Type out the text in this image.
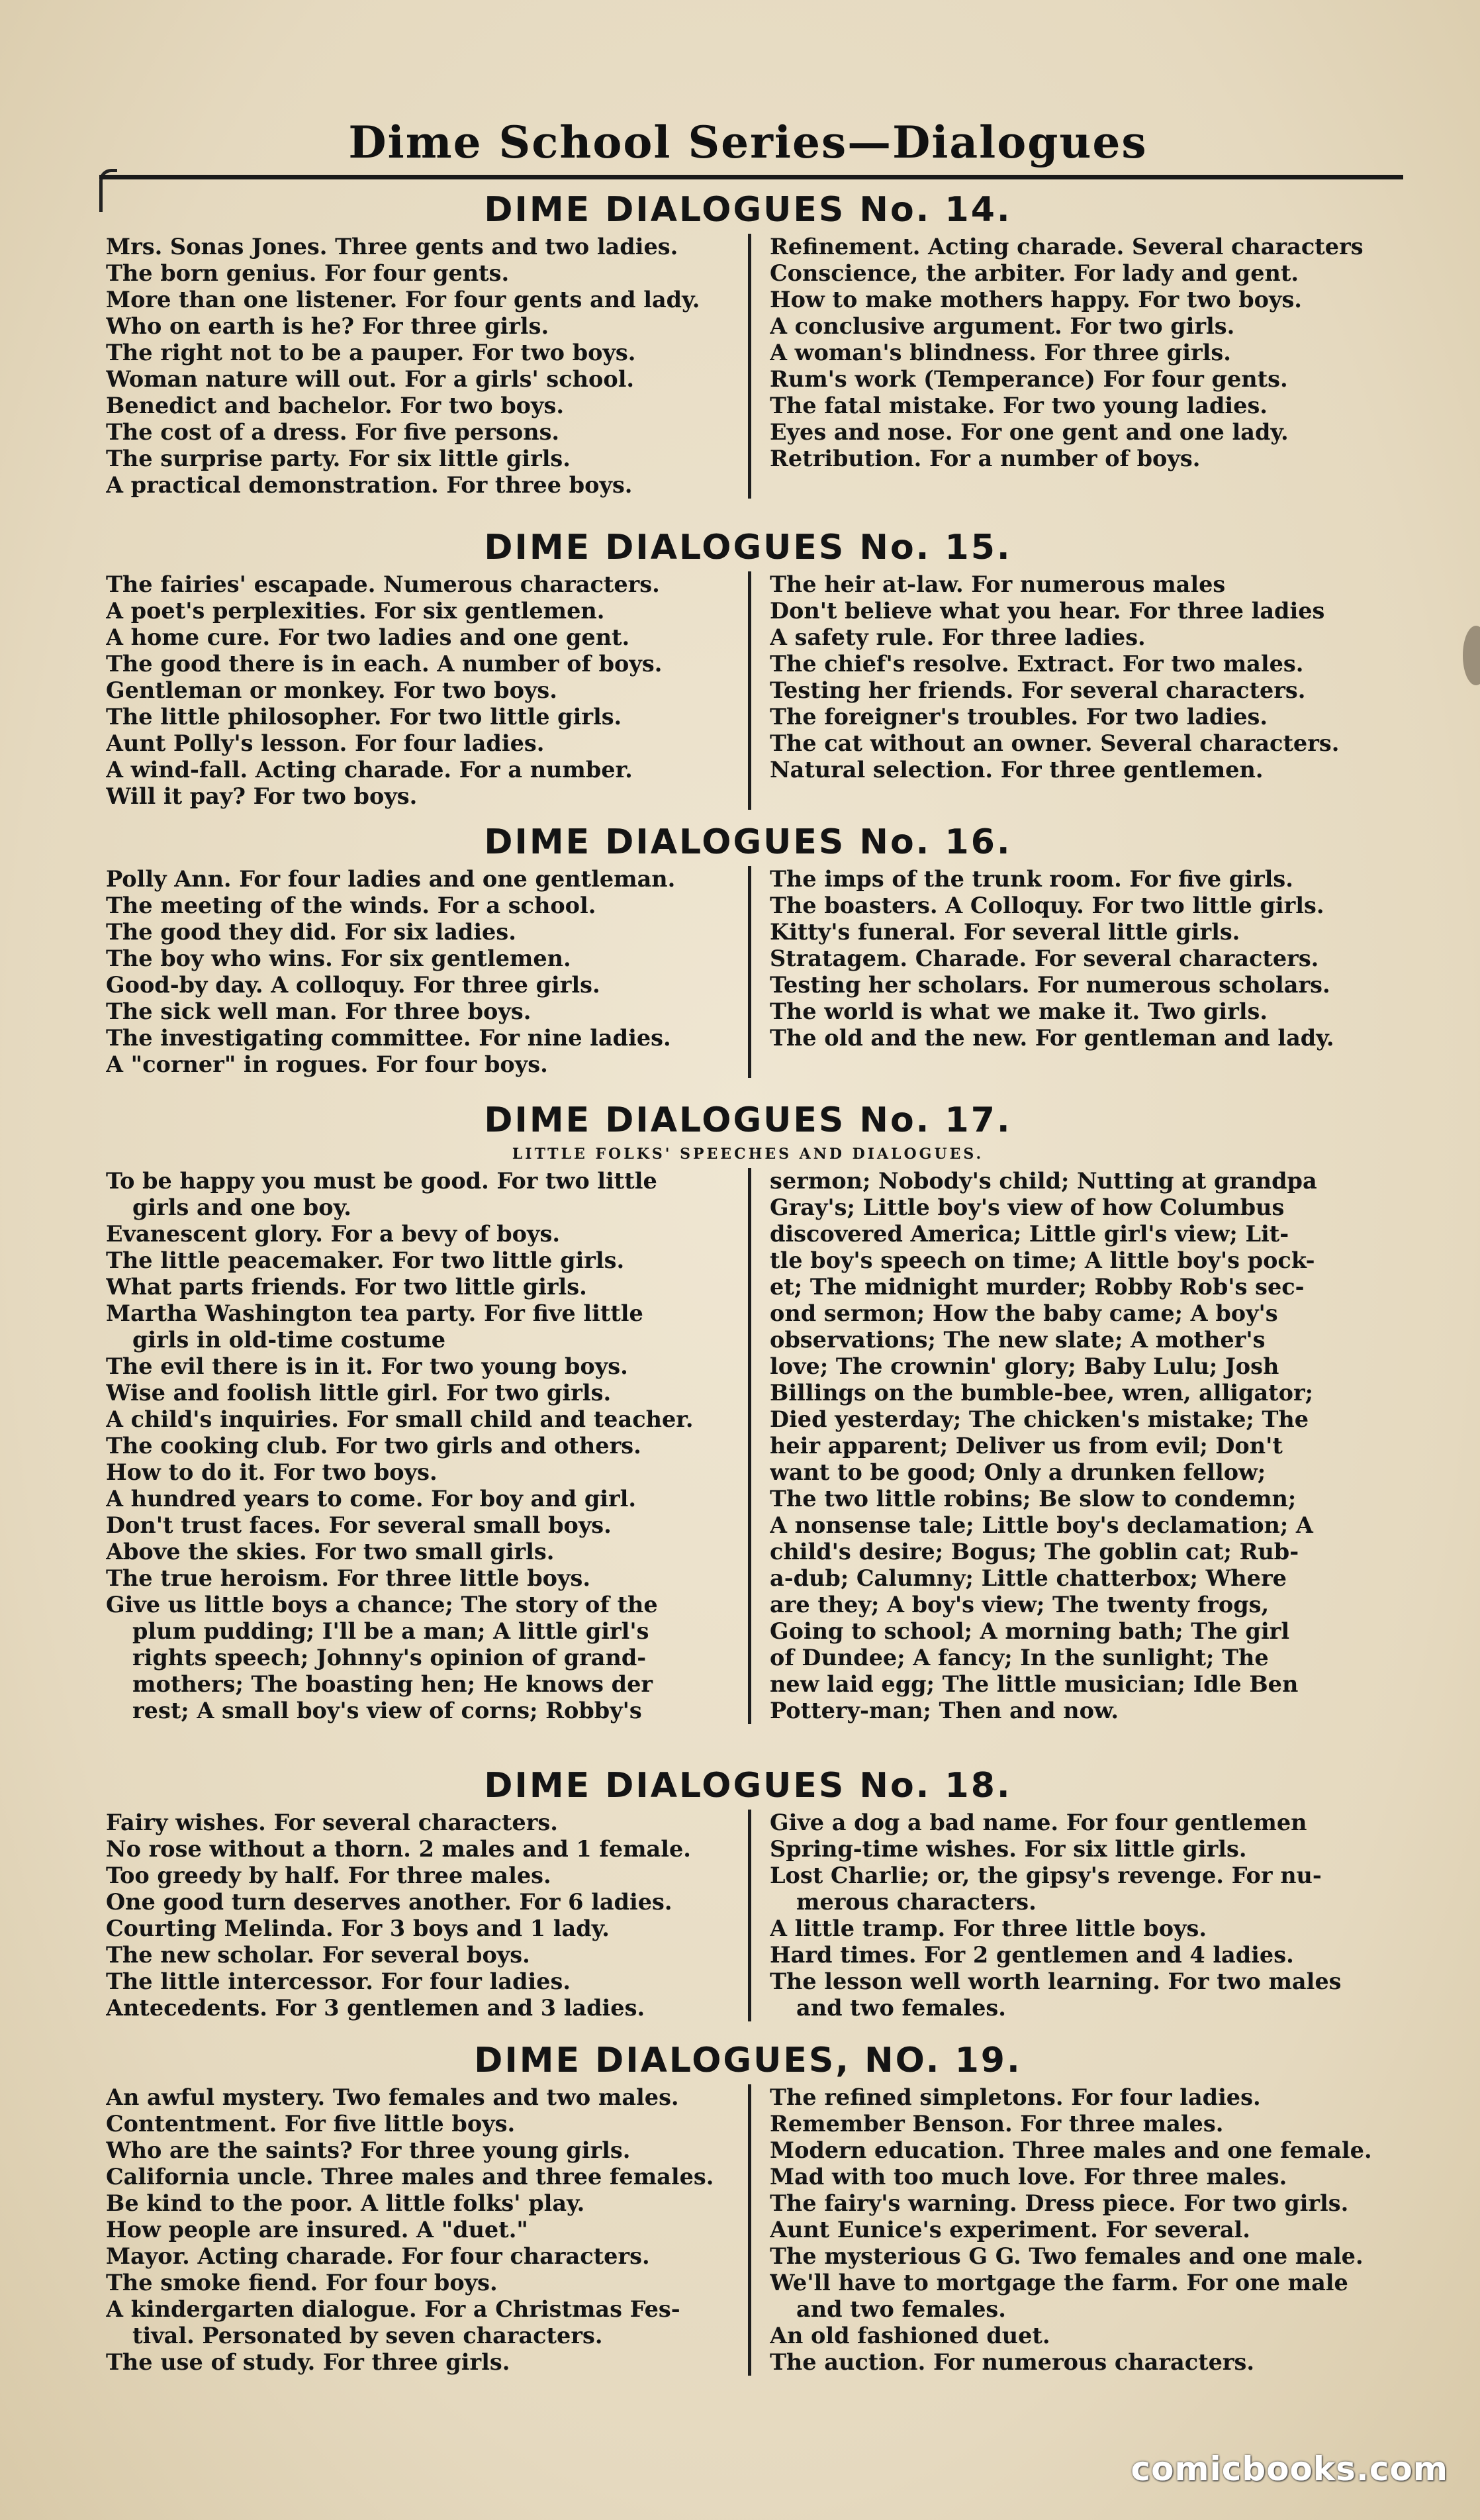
Dime School Series—Dialogues
DIME DIALOGUES No. 14.
Mrs. Sonas Jones. Three gents and two ladies.
The born genius. For four gents.
More than one listener. For four gents and lady.
Who on earth is he? For three girls.
The right not to be a pauper. For two boys.
Woman nature will out. For a girls' school.
Benedict and bachelor. For two boys.
The cost of a dress. For five persons.
The surprise party. For six little girls.
A practical demonstration. For three boys.
Refinement. Acting charade. Several characters
Conscience, the arbiter. For lady and gent.
How to make mothers happy. For two boys.
A conclusive argument. For two girls.
A woman's blindness. For three girls.
Rum's work (Temperance) For four gents.
The fatal mistake. For two young ladies.
Eyes and nose. For one gent and one lady.
Retribution. For a number of boys.
DIME DIALOGUES No. 15.
The fairies' escapade. Numerous characters.
A poet's perplexities. For six gentlemen.
A home cure. For two ladies and one gent.
The good there is in each. A number of boys.
Gentleman or monkey. For two boys.
The little philosopher. For two little girls.
Aunt Polly's lesson. For four ladies.
A wind-fall. Acting charade. For a number.
Will it pay? For two boys.
The heir at-law. For numerous males
Don't believe what you hear. For three ladies
A safety rule. For three ladies.
The chief's resolve. Extract. For two males.
Testing her friends. For several characters.
The foreigner's troubles. For two ladies.
The cat without an owner. Several characters.
Natural selection. For three gentlemen.
DIME DIALOGUES No. 16.
Polly Ann. For four ladies and one gentleman.
The meeting of the winds. For a school.
The good they did. For six ladies.
The boy who wins. For six gentlemen.
Good-by day. A colloquy. For three girls.
The sick well man. For three boys.
The investigating committee. For nine ladies.
A "corner" in rogues. For four boys.
The imps of the trunk room. For five girls.
The boasters. A Colloquy. For two little girls.
Kitty's funeral. For several little girls.
Stratagem. Charade. For several characters.
Testing her scholars. For numerous scholars.
The world is what we make it. Two girls.
The old and the new. For gentleman and lady.
DIME DIALOGUES No. 17.
LITTLE FOLKS' SPEECHES AND DIALOGUES.
To be happy you must be good. For two little
girls and one boy.
Evanescent glory. For a bevy of boys.
The little peacemaker. For two little girls.
What parts friends. For two little girls.
Martha Washington tea party. For five little
girls in old-time costume
The evil there is in it. For two young boys.
Wise and foolish little girl. For two girls.
A child's inquiries. For small child and teacher.
The cooking club. For two girls and others.
How to do it. For two boys.
A hundred years to come. For boy and girl.
Don't trust faces. For several small boys.
Above the skies. For two small girls.
The true heroism. For three little boys.
Give us little boys a chance; The story of the
plum pudding; I'll be a man; A little girl's
rights speech; Johnny's opinion of grand-
mothers; The boasting hen; He knows der
rest; A small boy's view of corns; Robby's
sermon; Nobody's child; Nutting at grandpa
Gray's; Little boy's view of how Columbus
discovered America; Little girl's view; Lit-
tle boy's speech on time; A little boy's pock-
et; The midnight murder; Robby Rob's sec-
ond sermon; How the baby came; A boy's
observations; The new slate; A mother's
love; The crownin' glory; Baby Lulu; Josh
Billings on the bumble-bee, wren, alligator;
Died yesterday; The chicken's mistake; The
heir apparent; Deliver us from evil; Don't
want to be good; Only a drunken fellow;
The two little robins; Be slow to condemn;
A nonsense tale; Little boy's declamation; A
child's desire; Bogus; The goblin cat; Rub-
a-dub; Calumny; Little chatterbox; Where
are they; A boy's view; The twenty frogs,
Going to school; A morning bath; The girl
of Dundee; A fancy; In the sunlight; The
new laid egg; The little musician; Idle Ben
Pottery-man; Then and now.
DIME DIALOGUES No. 18.
Fairy wishes. For several characters.
No rose without a thorn. 2 males and 1 female.
Too greedy by half. For three males.
One good turn deserves another. For 6 ladies.
Courting Melinda. For 3 boys and 1 lady.
The new scholar. For several boys.
The little intercessor. For four ladies.
Antecedents. For 3 gentlemen and 3 ladies.
Give a dog a bad name. For four gentlemen
Spring-time wishes. For six little girls.
Lost Charlie; or, the gipsy's revenge. For nu-
merous characters.
A little tramp. For three little boys.
Hard times. For 2 gentlemen and 4 ladies.
The lesson well worth learning. For two males
and two females.
DIME DIALOGUES, NO. 19.
An awful mystery. Two females and two males.
Contentment. For five little boys.
Who are the saints? For three young girls.
California uncle. Three males and three females.
Be kind to the poor. A little folks' play.
How people are insured. A "duet."
Mayor. Acting charade. For four characters.
The smoke fiend. For four boys.
A kindergarten dialogue. For a Christmas Fes-
tival. Personated by seven characters.
The use of study. For three girls.
The refined simpletons. For four ladies.
Remember Benson. For three males.
Modern education. Three males and one female.
Mad with too much love. For three males.
The fairy's warning. Dress piece. For two girls.
Aunt Eunice's experiment. For several.
The mysterious G G. Two females and one male.
We'll have to mortgage the farm. For one male
and two females.
An old fashioned duet.
The auction. For numerous characters.
comicbooks.com
